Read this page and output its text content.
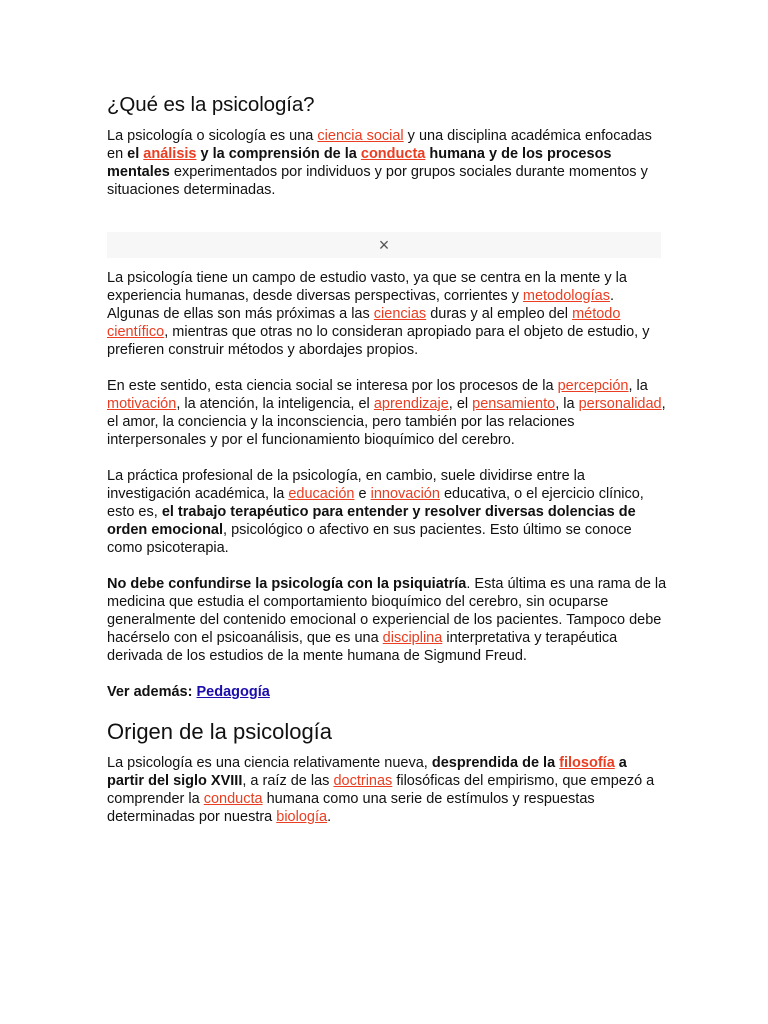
¿Qué es la psicología?

La psicología o sicología es una ciencia social y una disciplina académica enfocadas en el análisis y la comprensión de la conducta humana y de los procesos mentales experimentados por individuos y por grupos sociales durante momentos y situaciones determinadas.

×

La psicología tiene un campo de estudio vasto, ya que se centra en la mente y la experiencia humanas, desde diversas perspectivas, corrientes y metodologías. Algunas de ellas son más próximas a las ciencias duras y al empleo del método científico, mientras que otras no lo consideran apropiado para el objeto de estudio, y prefieren construir métodos y abordajes propios.

En este sentido, esta ciencia social se interesa por los procesos de la percepción, la motivación, la atención, la inteligencia, el aprendizaje, el pensamiento, la personalidad, el amor, la conciencia y la inconsciencia, pero también por las relaciones interpersonales y por el funcionamiento bioquímico del cerebro.

La práctica profesional de la psicología, en cambio, suele dividirse entre la investigación académica, la educación e innovación educativa, o el ejercicio clínico, esto es, el trabajo terapéutico para entender y resolver diversas dolencias de orden emocional, psicológico o afectivo en sus pacientes. Esto último se conoce como psicoterapia.

No debe confundirse la psicología con la psiquiatría. Esta última es una rama de la medicina que estudia el comportamiento bioquímico del cerebro, sin ocuparse generalmente del contenido emocional o experiencial de los pacientes. Tampoco debe hacérselo con el psicoanálisis, que es una disciplina interpretativa y terapéutica derivada de los estudios de la mente humana de Sigmund Freud.

Ver además: Pedagogía

Origen de la psicología

La psicología es una ciencia relativamente nueva, desprendida de la filosofía a partir del siglo XVIII, a raíz de las doctrinas filosóficas del empirismo, que empezó a comprender la conducta humana como una serie de estímulos y respuestas determinadas por nuestra biología.
